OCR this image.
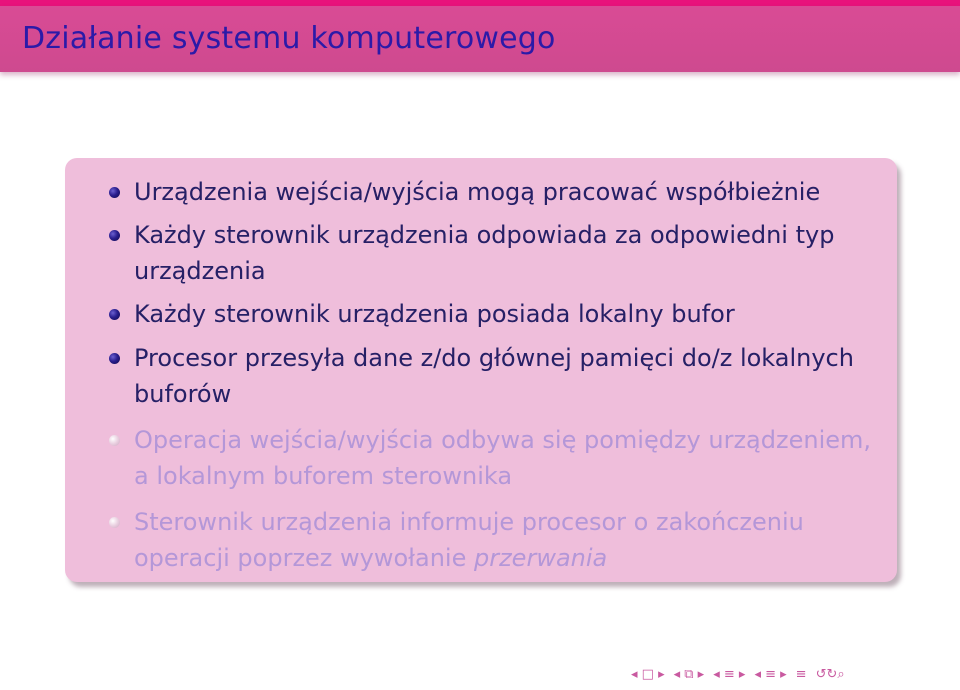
Działanie systemu komputerowego
Urządzenia wejścia/wyjścia mogą pracować współbieżnie
Każdy sterownik urządzenia odpowiada za odpowiedni typ urządzenia
Każdy sterownik urządzenia posiada lokalny bufor
Procesor przesyła dane z/do głównej pamięci do/z lokalnych buforów
Operacja wejścia/wyjścia odbywa się pomiędzy urządzeniem, a lokalnym buforem sterownika
Sterownik urządzenia informuje procesor o zakończeniu operacji poprzez wywołanie przerwania
◂ □ ▸ ◂ ⧉ ▸ ◂ ≡ ▸ ◂ ≡ ▸ ≡ ↺↻⌕
